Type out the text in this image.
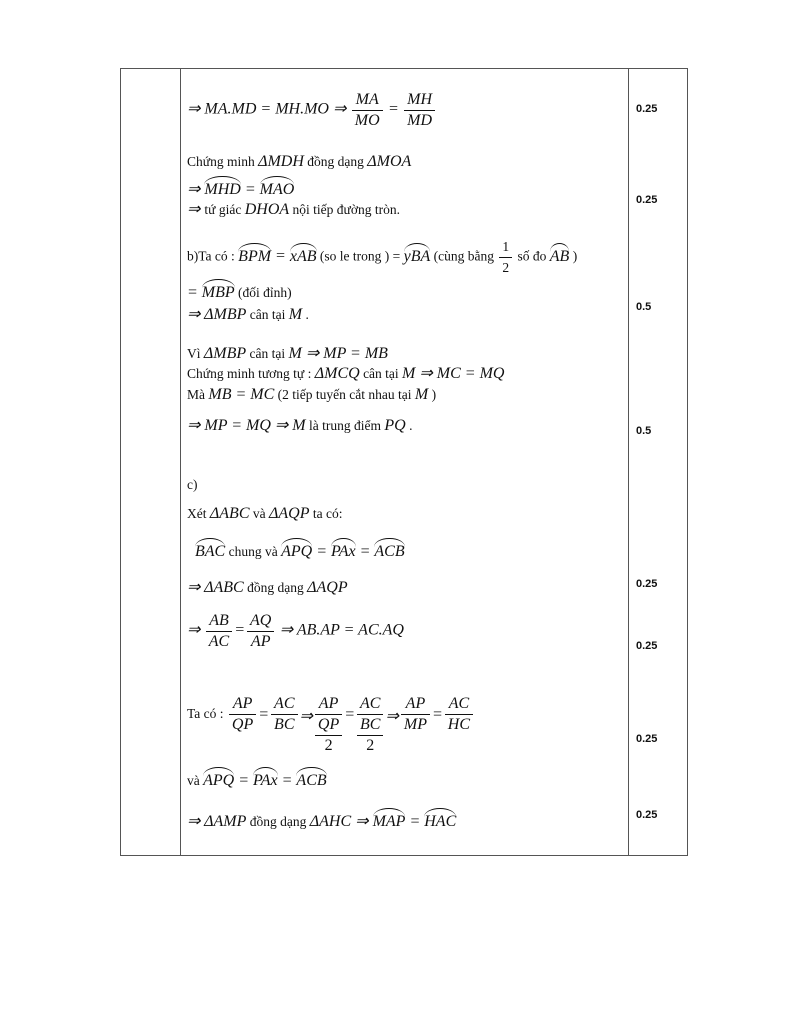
⇒ MA.MD = MH.MO ⇒ $\frac{MA}{MO} = \frac{MH}{MD}$
Chứng minh ΔMDH đồng dạng ΔMOA
⇒ MHD = MAO
⇒ tứ giác DHOA nội tiếp đường tròn.
b)Ta có : BPM = xAB (so le trong ) = yBA (cùng bằng $\frac{1}{2}$ số đo AB )
= MBP (đối đỉnh)
⇒ ΔMBP cân tại M .
Vì ΔMBP cân tại M ⇒ MP = MB
Chứng minh tương tự : ΔMCQ cân tại M ⇒ MC = MQ
Mà MB = MC (2 tiếp tuyến cắt nhau tại M )
⇒ MP = MQ ⇒ M là trung điểm PQ .
c)
Xét ΔABC và ΔAQP ta có:
BAC chung và APQ = PAx = ACB
⇒ ΔABC đồng dạng ΔAQP
⇒ $\frac{AB}{AC} = \frac{AQ}{AP}$ ⇒ AB.AP = AC.AQ
Ta có : $\frac{AP}{QP} = \frac{AC}{BC}$ ⇒
AP
QP
2
=
AC
BC
2
⇒ $\frac{AP}{MP} = \frac{AC}{HC}$
và APQ = PAx = ACB
⇒ ΔAMP đồng dạng ΔAHC ⇒ MAP = HAC
0.25
0.25
0.5
0.5
0.25
0.25
0.25
0.25
